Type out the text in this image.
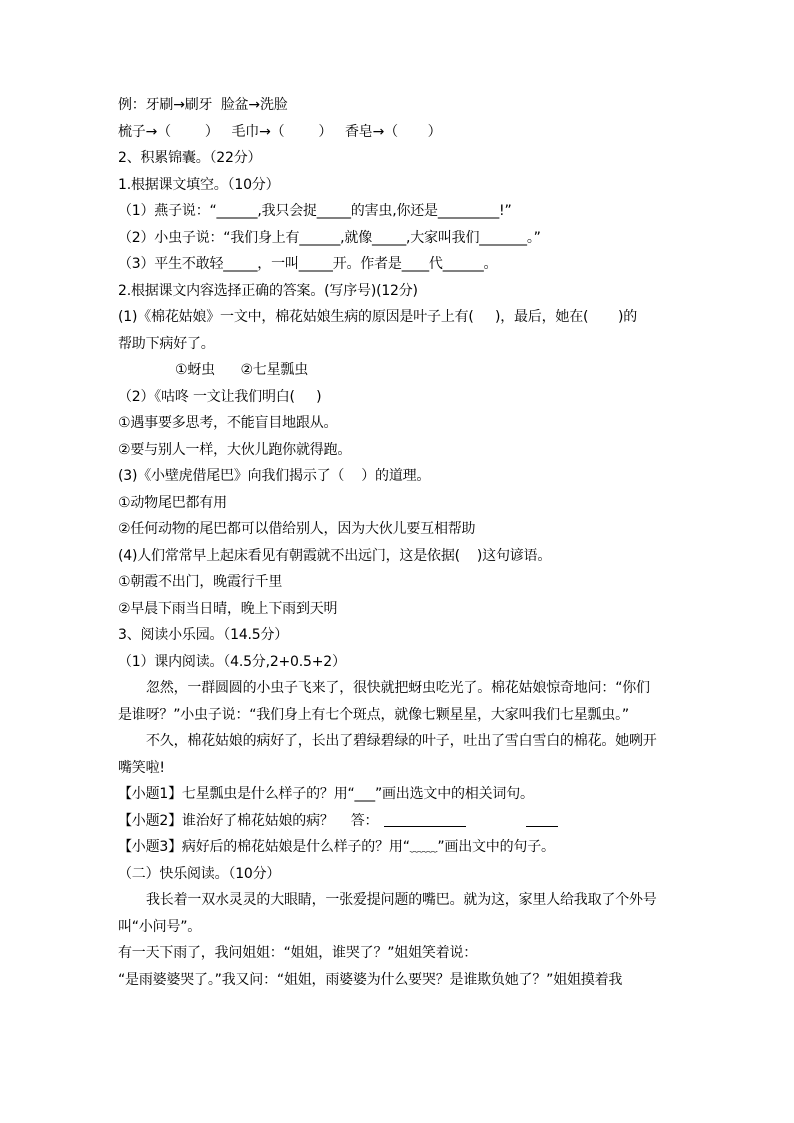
例：牙刷→刷牙  脸盆→洗脸
梳子→（        ）   毛巾→（        ）   香皂→（       ）
2、积累锦囊。（22分）
1.根据课文填空。（10分）
（1）燕子说：“______,我只会捉_____的害虫,你还是_________!”
（2）小虫子说：“我们身上有______,就像_____,大家叫我们_______。”
（3）平生不敢轻_____，一叫_____开。作者是____代______。
2.根据课文内容选择正确的答案。(写序号)(12分)
(1)《棉花姑娘》一文中，棉花姑娘生病的原因是叶子上有(     )，最后，她在(       )的
帮助下病好了。
①蚜虫      ②七星瓢虫
（2）《咕咚 一文让我们明白(     )
①遇事要多思考，不能盲目地跟从。
②要与别人一样，大伙儿跑你就得跑。
(3)《小壁虎借尾巴》向我们揭示了（    ）的道理。
①动物尾巴都有用
②任何动物的尾巴都可以借给别人，因为大伙儿要互相帮助
(4)人们常常早上起床看见有朝霞就不出远门，这是依据(    )这句谚语。
①朝霞不出门，晚霞行千里
②早晨下雨当日晴，晚上下雨到天明
3、阅读小乐园。（14.5分）
（1）课内阅读。（4.5分,2+0.5+2）
忽然，一群圆圆的小虫子飞来了，很快就把蚜虫吃光了。棉花姑娘惊奇地问：“你们
是谁呀？”小虫子说：“我们身上有七个斑点，就像七颗星星，大家叫我们七星瓢虫。”
不久，棉花姑娘的病好了，长出了碧绿碧绿的叶子，吐出了雪白雪白的棉花。她咧开
嘴笑啦!
【小题1】七星瓢虫是什么样子的？用“___”画出选文中的相关词句。
【小题2】谁治好了棉花姑娘的病？    答：
【小题3】病好后的棉花姑娘是什么样子的？用“﹏﹏”画出文中的句子。
（二）快乐阅读。（10分）
我长着一双水灵灵的大眼睛，一张爱提问题的嘴巴。就为这，家里人给我取了个外号
叫“小问号”。
有一天下雨了，我问姐姐：“姐姐，谁哭了？”姐姐笑着说：
“是雨婆婆哭了。”我又问：“姐姐，雨婆婆为什么要哭？是谁欺负她了？”姐姐摸着我
